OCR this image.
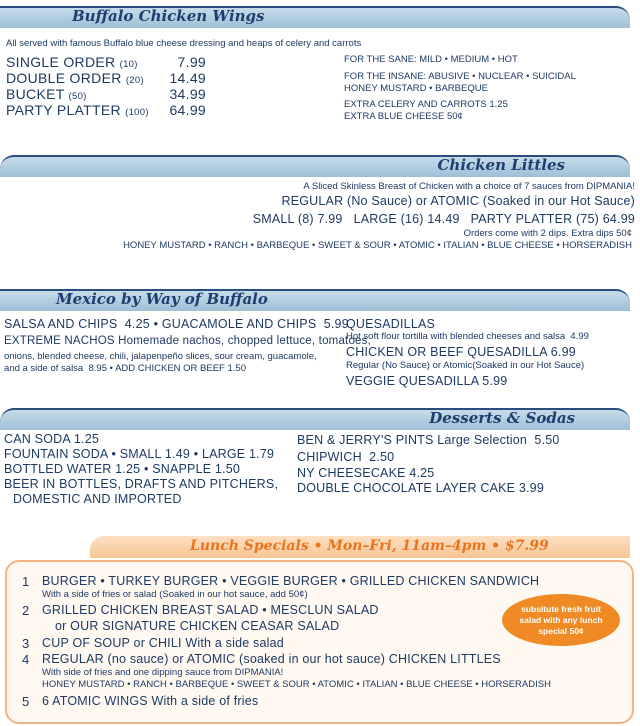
Buffalo Chicken Wings
All served with famous Buffalo blue cheese dressing and heaps of celery and carrots
SINGLE ORDER (10)	7.99
DOUBLE ORDER (20) 14.49
BUCKET (50)	34.99
PARTY PLATTER (100) 64.99
FOR THE SANE: MILD • MEDIUM • HOT
FOR THE INSANE: ABUSIVE • NUCLEAR • SUICIDAL
HONEY MUSTARD • BARBEQUE
EXTRA CELERY AND CARROTS 1.25
EXTRA BLUE CHEESE 50¢
Chicken Littles
A Sliced Skinless Breast of Chicken with a choice of 7 sauces from DIPMANIA!
REGULAR (No Sauce) or ATOMIC (Soaked in our Hot Sauce)
SMALL (8) 7.99   LARGE (16) 14.49   PARTY PLATTER (75) 64.99
Orders come with 2 dips. Extra dips 50¢
HONEY MUSTARD • RANCH • BARBEQUE • SWEET & SOUR • ATOMIC • ITALIAN • BLUE CHEESE • HORSERADISH
Mexico by Way of Buffalo
SALSA AND CHIPS  4.25 • GUACAMOLE AND CHIPS  5.99
EXTREME NACHOS Homemade nachos, chopped lettuce, tomatoes,
onions, blended cheese, chili, jalapenpeño slices, sour cream, guacamole,
and a side of salsa  8.95 • ADD CHICKEN OR BEEF 1.50
QUESADILLAS
Hot soft flour tortilla with blended cheeses and salsa  4.99
CHICKEN OR BEEF QUESADILLA 6.99
Regular (No Sauce) or Atomic(Soaked in our Hot Sauce)
VEGGIE QUESADILLA 5.99
Desserts & Sodas
CAN SODA 1.25
FOUNTAIN SODA • SMALL 1.49 • LARGE 1.79
BOTTLED WATER 1.25 • SNAPPLE 1.50
BEER IN BOTTLES, DRAFTS AND PITCHERS,
DOMESTIC AND IMPORTED
BEN & JERRY'S PINTS Large Selection  5.50
CHIPWICH  2.50
NY CHEESECAKE 4.25
DOUBLE CHOCOLATE LAYER CAKE 3.99
Lunch Specials • Mon–Fri, 11am–4pm • $7.99
1 BURGER • TURKEY BURGER • VEGGIE BURGER • GRILLED CHICKEN SANDWICH
With a side of fries or salad (Soaked in our hot sauce, add 50¢)
2 GRILLED CHICKEN BREAST SALAD • MESCLUN SALAD
or OUR SIGNATURE CHICKEN CEASAR SALAD
3 CUP OF SOUP or CHILI With a side salad
4 REGULAR (no sauce) or ATOMIC (soaked in our hot sauce) CHICKEN LITTLES
With side of fries and one dipping sauce from DIPMANIA!
HONEY MUSTARD • RANCH • BARBEQUE • SWEET & SOUR • ATOMIC • ITALIAN • BLUE CHEESE • HORSERADISH
5 6 ATOMIC WINGS With a side of fries
subsitute fresh fruit salad with any lunch special 50¢
